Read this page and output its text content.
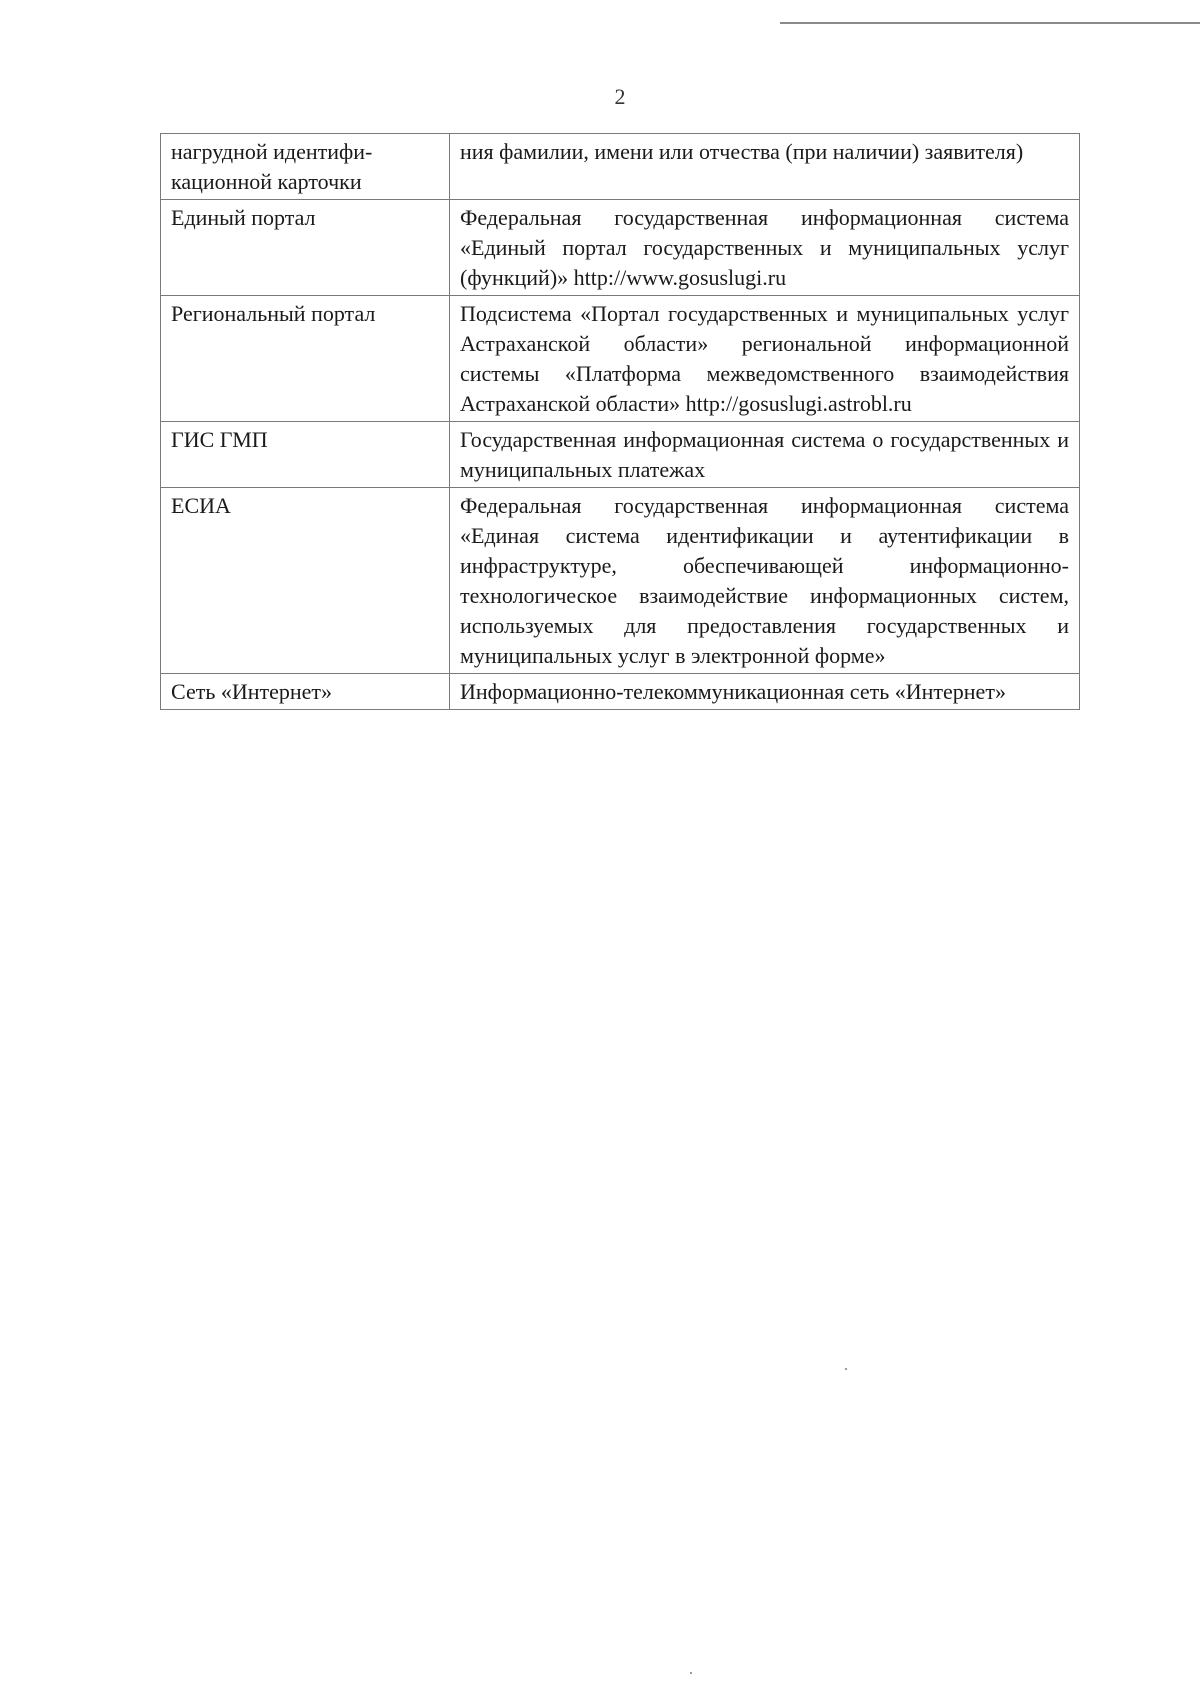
2
нагрудной идентифи-
кационной карточки	ния фамилии, имени или отчества (при наличии) заявителя)
Единый портал	Федеральная государственная информационная система «Единый портал государственных и муниципальных услуг (функций)» http://www.gosuslugi.ru
Региональный портал	Подсистема «Портал государственных и муниципальных услуг Астраханской области» региональной информационной системы «Платформа межведомственного взаимодействия Астраханской области» http://gosuslugi.astrobl.ru
ГИС ГМП	Государственная информационная система о государственных и муниципальных платежах
ЕСИА	Федеральная государственная информационная система «Единая система идентификации и аутентификации в инфраструктуре, обеспечивающей информационно-технологическое взаимодействие информационных систем, используемых для предоставления государственных и муниципальных услуг в электронной форме»
Сеть «Интернет»	Информационно-телекоммуникационная сеть «Интернет»
